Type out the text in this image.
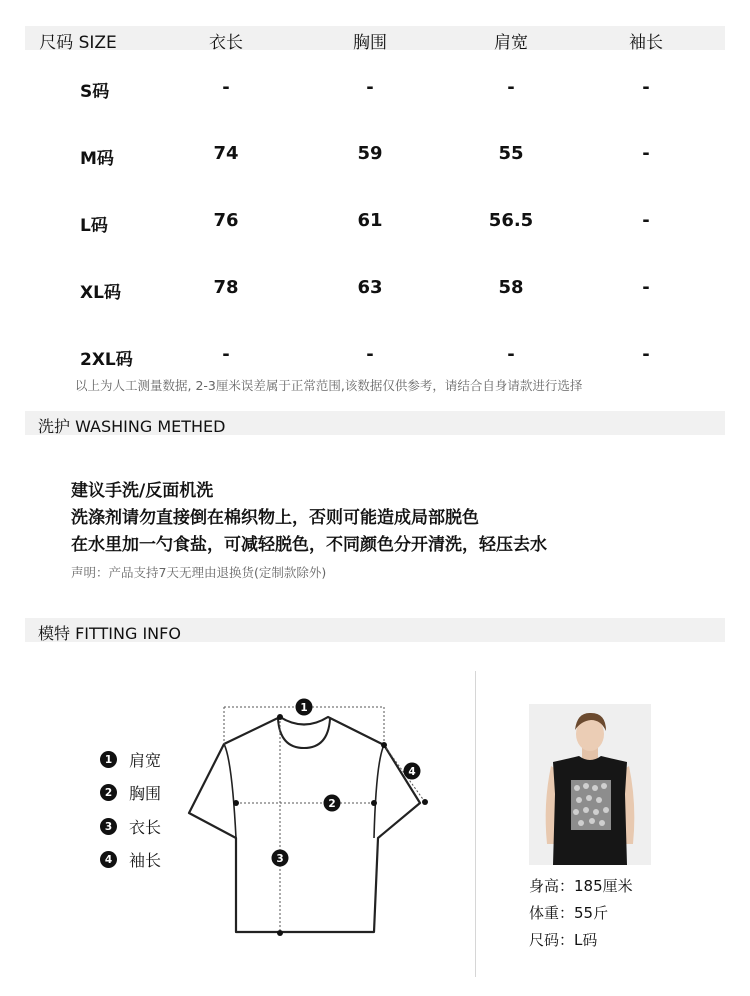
尺码 SIZE	衣长	胸围	肩宽	袖长
S码	-	-	-	-
M码	74	59	55	-
L码	76	61	56.5	-
XL码	78	63	58	-
2XL码	-	-	-	-
以上为人工测量数据, 2-3厘米误差属于正常范围,该数据仅供参考，请结合自身请款进行选择
洗护 WASHING METHED
建议手洗/反面机洗
洗涤剂请勿直接倒在棉织物上，否则可能造成局部脱色
在水里加一勺食盐，可减轻脱色，不同颜色分开清洗，轻压去水
声明：产品支持7天无理由退换货(定制款除外)
模特 FITTING INFO
1	肩宽
2	胸围
3	衣长
4	袖长
1
2
3
4
身高：185厘米
体重：55斤
尺码：L码
